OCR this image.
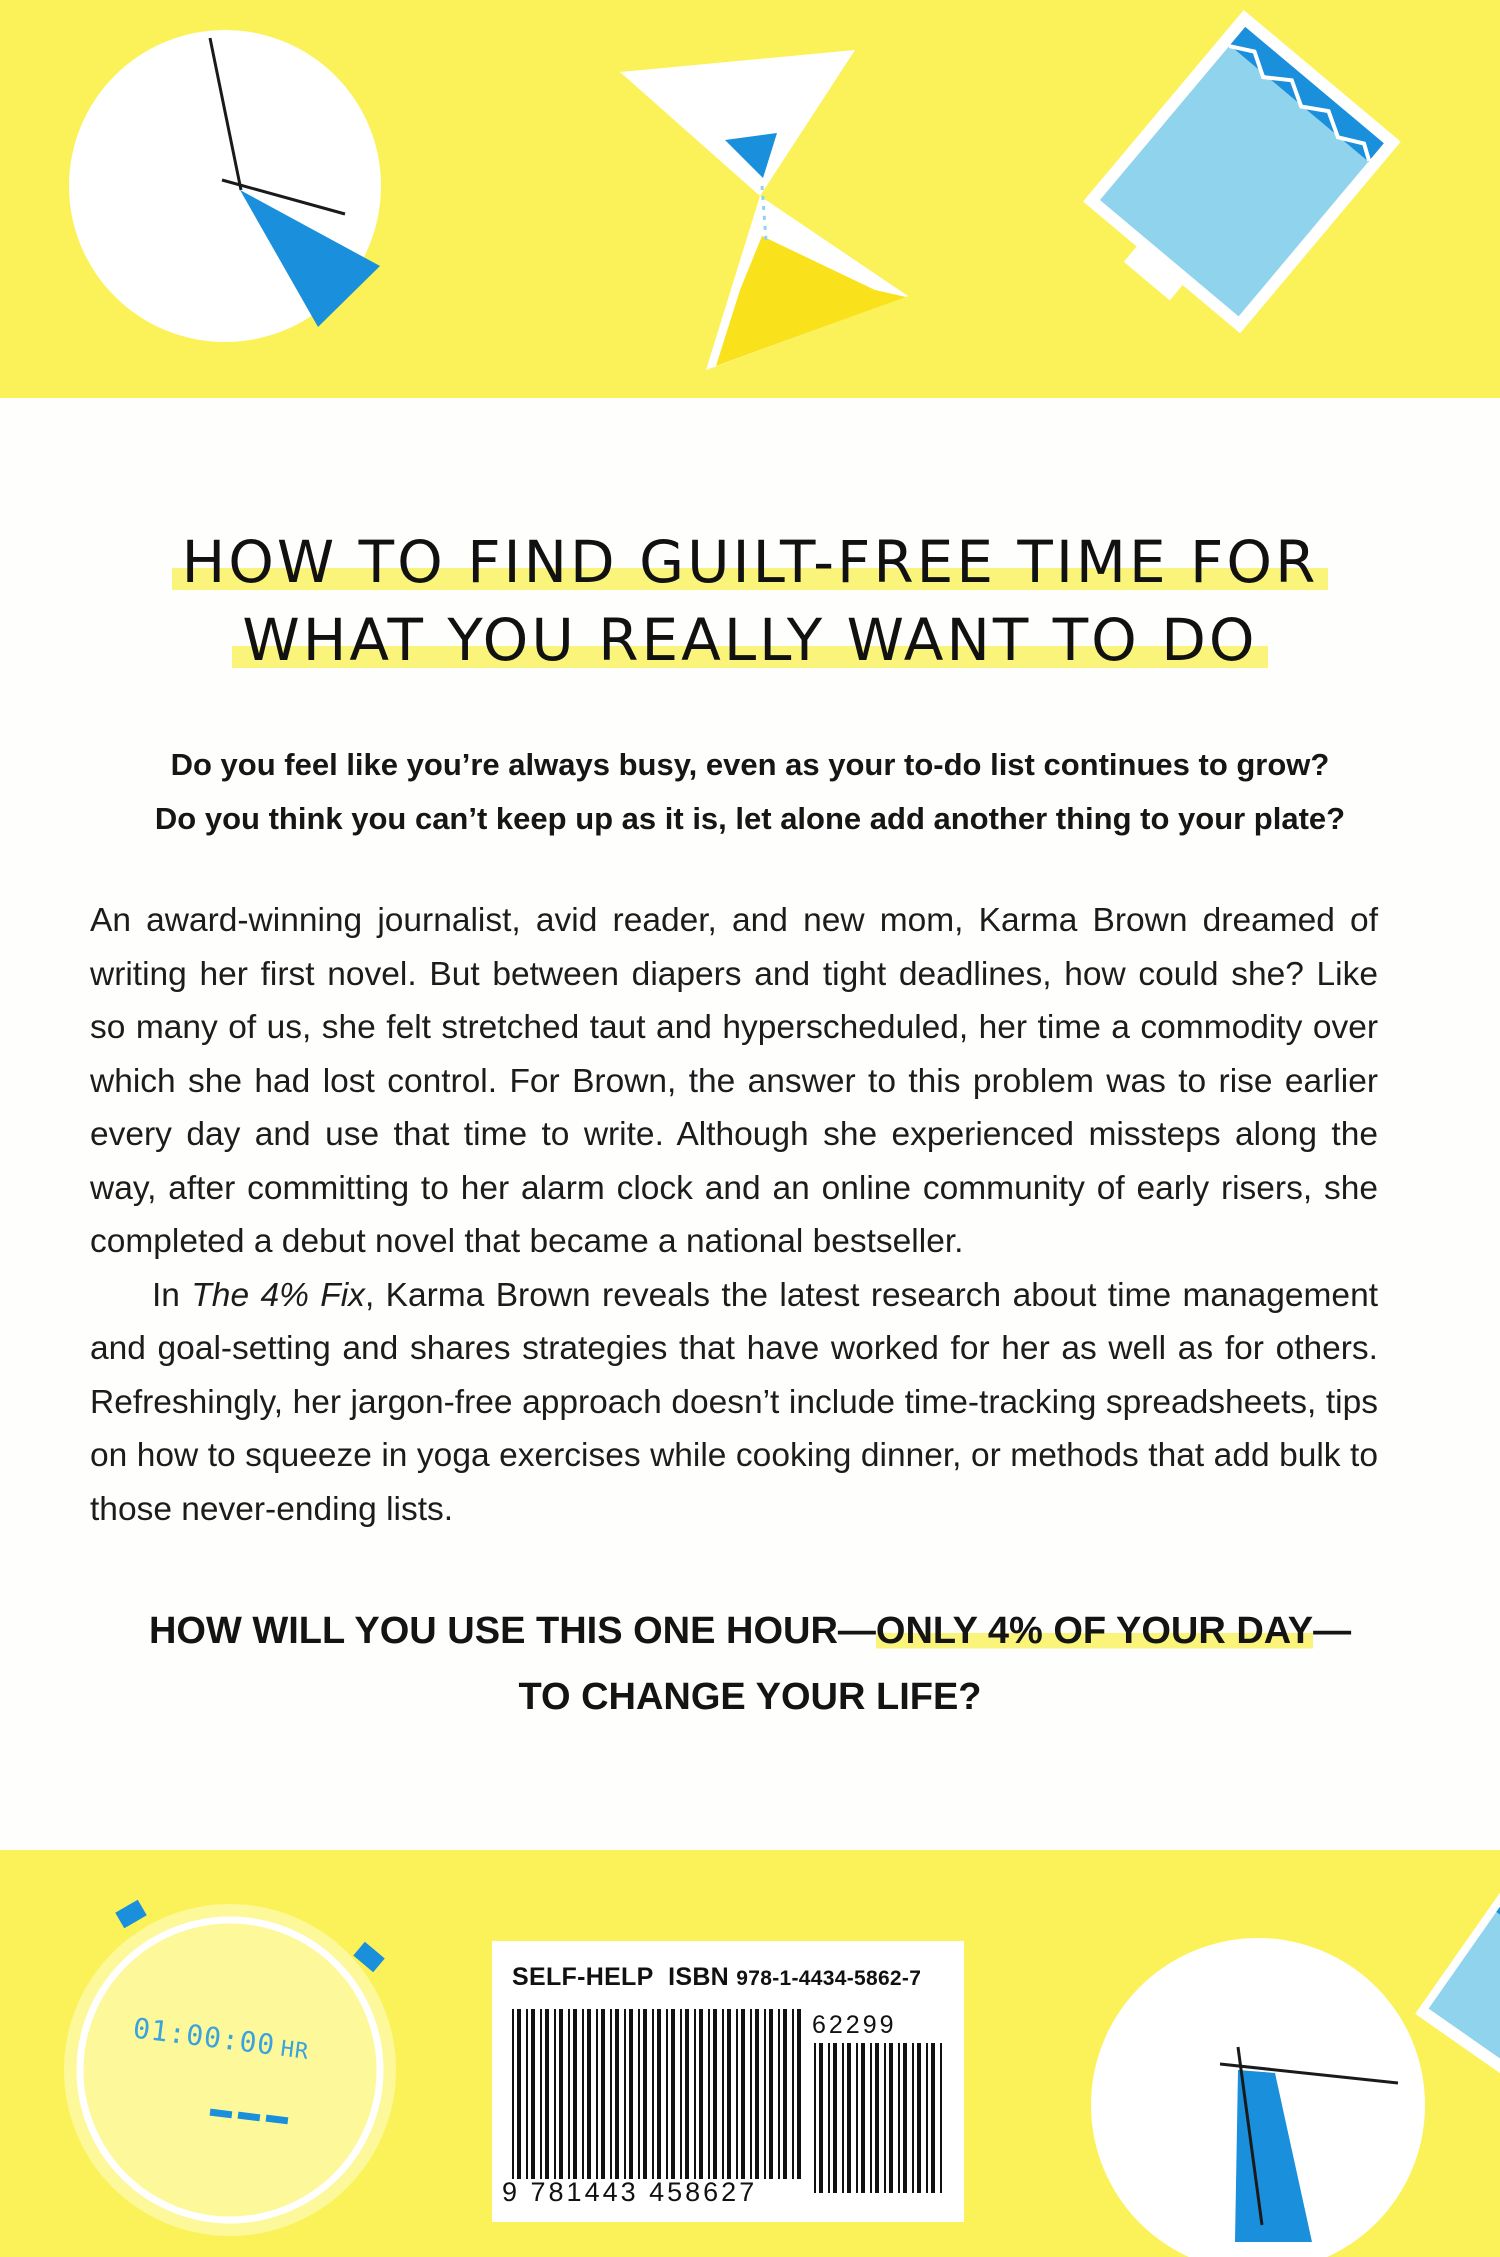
HOW TO FIND GUILT-FREE TIME FOR
WHAT YOU REALLY WANT TO DO
Do you feel like you’re always busy, even as your to-do list continues to grow?
Do you think you can’t keep up as it is, let alone add another thing to your plate?

An award-winning journalist, avid reader, and new mom, Karma Brown dreamed of writing her first novel. But between diapers and tight deadlines, how could she? Like so many of us, she felt stretched taut and hyperscheduled, her time a commodity over which she had lost control. For Brown, the answer to this problem was to rise earlier every day and use that time to write. Although she experienced missteps along the way, after committing to her alarm clock and an online community of early risers, she completed a debut novel that became a national bestseller.

In The 4% Fix, Karma Brown reveals the latest research about time management and goal-setting and shares strategies that have worked for her as well as for others. Refreshingly, her jargon-free approach doesn’t include time-tracking spreadsheets, tips on how to squeeze in yoga exercises while cooking dinner, or methods that add bulk to those never-ending lists.

HOW WILL YOU USE THIS ONE HOUR—ONLY 4% OF YOUR DAY—
TO CHANGE YOUR LIFE?
01:00:00HR
SELF-HELP ISBN 978-1-4434-5862-7
62299
9 781443 458627
